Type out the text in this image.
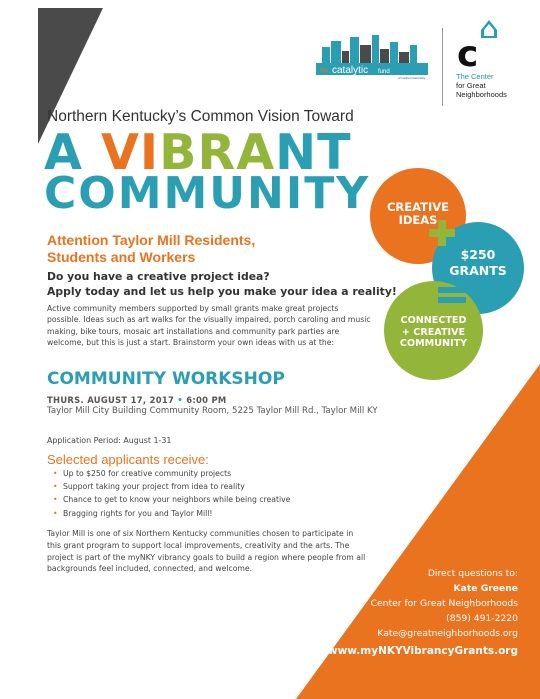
the catalytic fund
of northern kentucky
c
The Center
for Great
Neighborhoods
Northern Kentucky’s Common Vision Toward
A VIBRANT
COMMUNITY	CREATIVE
IDEAS
$250
GRANTS
CONNECTED
+ CREATIVE
COMMUNITY
Attention Taylor Mill Residents,
Students and Workers
Do you have a creative project idea?
Apply today and let us help you make your idea a reality!
Active community members supported by small grants make great projects possible. Ideas such as art walks for the visually impaired, porch caroling and music making, bike tours, mosaic art installations and community park parties are welcome, but this is just a start. Brainstorm your own ideas with us at the:
COMMUNITY WORKSHOP
THURS. AUGUST 17, 2017 • 6:00 PM
Taylor Mill City Building Community Room, 5225 Taylor Mill Rd., Taylor Mill KY
Application Period: August 1-31
Selected applicants receive:
• Up to $250 for creative community projects
• Support taking your project from idea to reality
• Chance to get to know your neighbors while being creative
• Bragging rights for you and Taylor Mill!
Taylor Mill is one of six Northern Kentucky communities chosen to participate in this grant program to support local improvements, creativity and the arts. The project is part of the myNKY vibrancy goals to build a region where people from all backgrounds feel included, connected, and welcome.	Direct questions to:
Kate Greene
Center for Great Neighborhoods
(859) 491-2220
Kate@greatneighborhoods.org
www.myNKYVibrancyGrants.org
